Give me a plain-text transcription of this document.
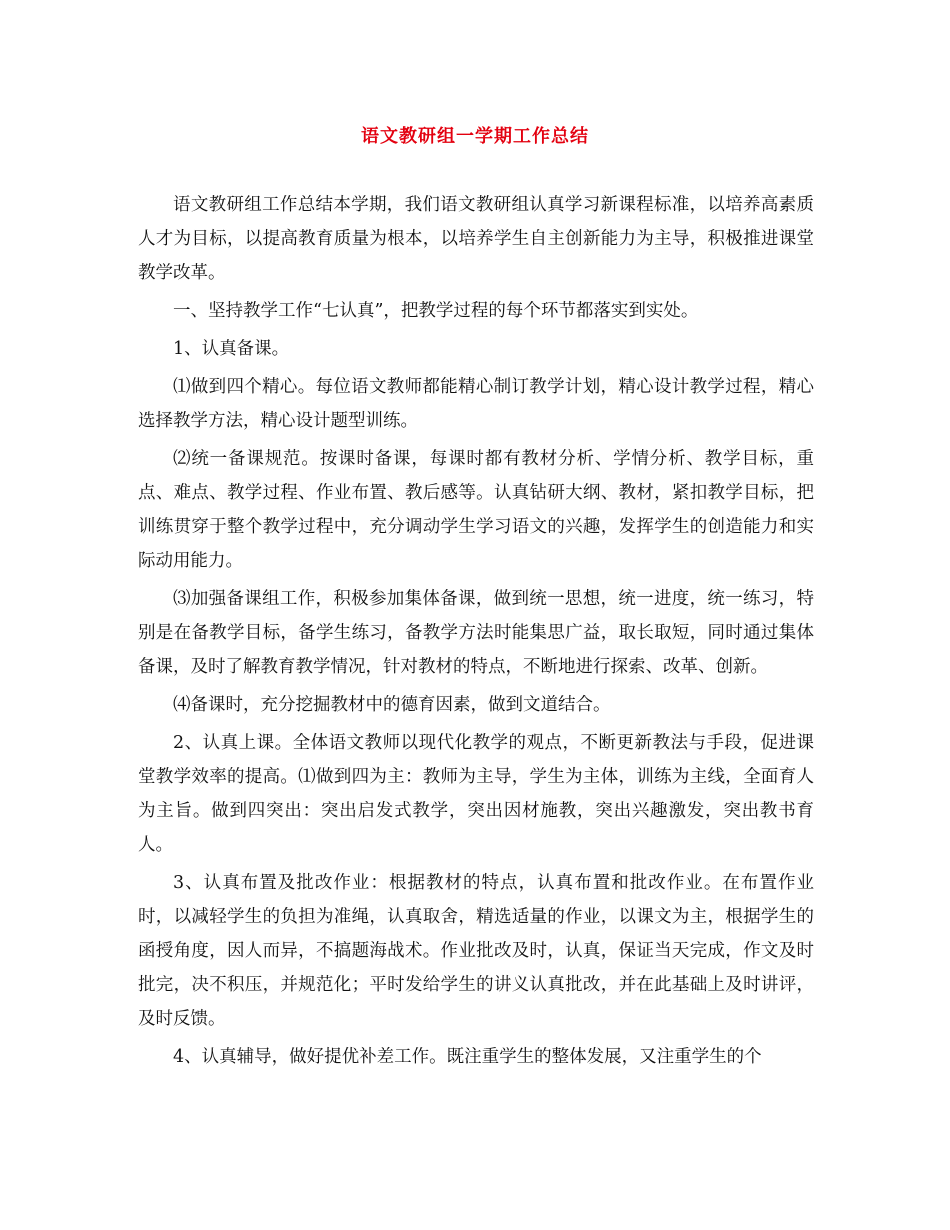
语文教研组一学期工作总结

语文教研组工作总结本学期，我们语文教研组认真学习新课程标准，以培养高素质人才为目标，以提高教育质量为根本，以培养学生自主创新能力为主导，积极推进课堂教学改革。

一、坚持教学工作“七认真”，把教学过程的每个环节都落实到实处。

1、认真备课。

⑴做到四个精心。每位语文教师都能精心制订教学计划，精心设计教学过程，精心选择教学方法，精心设计题型训练。

⑵统一备课规范。按课时备课，每课时都有教材分析、学情分析、教学目标，重点、难点、教学过程、作业布置、教后感等。认真钻研大纲、教材，紧扣教学目标，把训练贯穿于整个教学过程中，充分调动学生学习语文的兴趣，发挥学生的创造能力和实际动用能力。

⑶加强备课组工作，积极参加集体备课，做到统一思想，统一进度，统一练习，特别是在备教学目标，备学生练习，备教学方法时能集思广益，取长取短，同时通过集体备课，及时了解教育教学情况，针对教材的特点，不断地进行探索、改革、创新。

⑷备课时，充分挖掘教材中的德育因素，做到文道结合。

2、认真上课。全体语文教师以现代化教学的观点，不断更新教法与手段，促进课堂教学效率的提高。⑴做到四为主：教师为主导，学生为主体，训练为主线，全面育人为主旨。做到四突出：突出启发式教学，突出因材施教，突出兴趣激发，突出教书育人。

3、认真布置及批改作业：根据教材的特点，认真布置和批改作业。在布置作业时，以减轻学生的负担为准绳，认真取舍，精选适量的作业，以课文为主，根据学生的函授角度，因人而异，不搞题海战术。作业批改及时，认真，保证当天完成，作文及时批完，决不积压，并规范化；平时发给学生的讲义认真批改，并在此基础上及时讲评，及时反馈。

4、认真辅导，做好提优补差工作。既注重学生的整体发展，又注重学生的个
